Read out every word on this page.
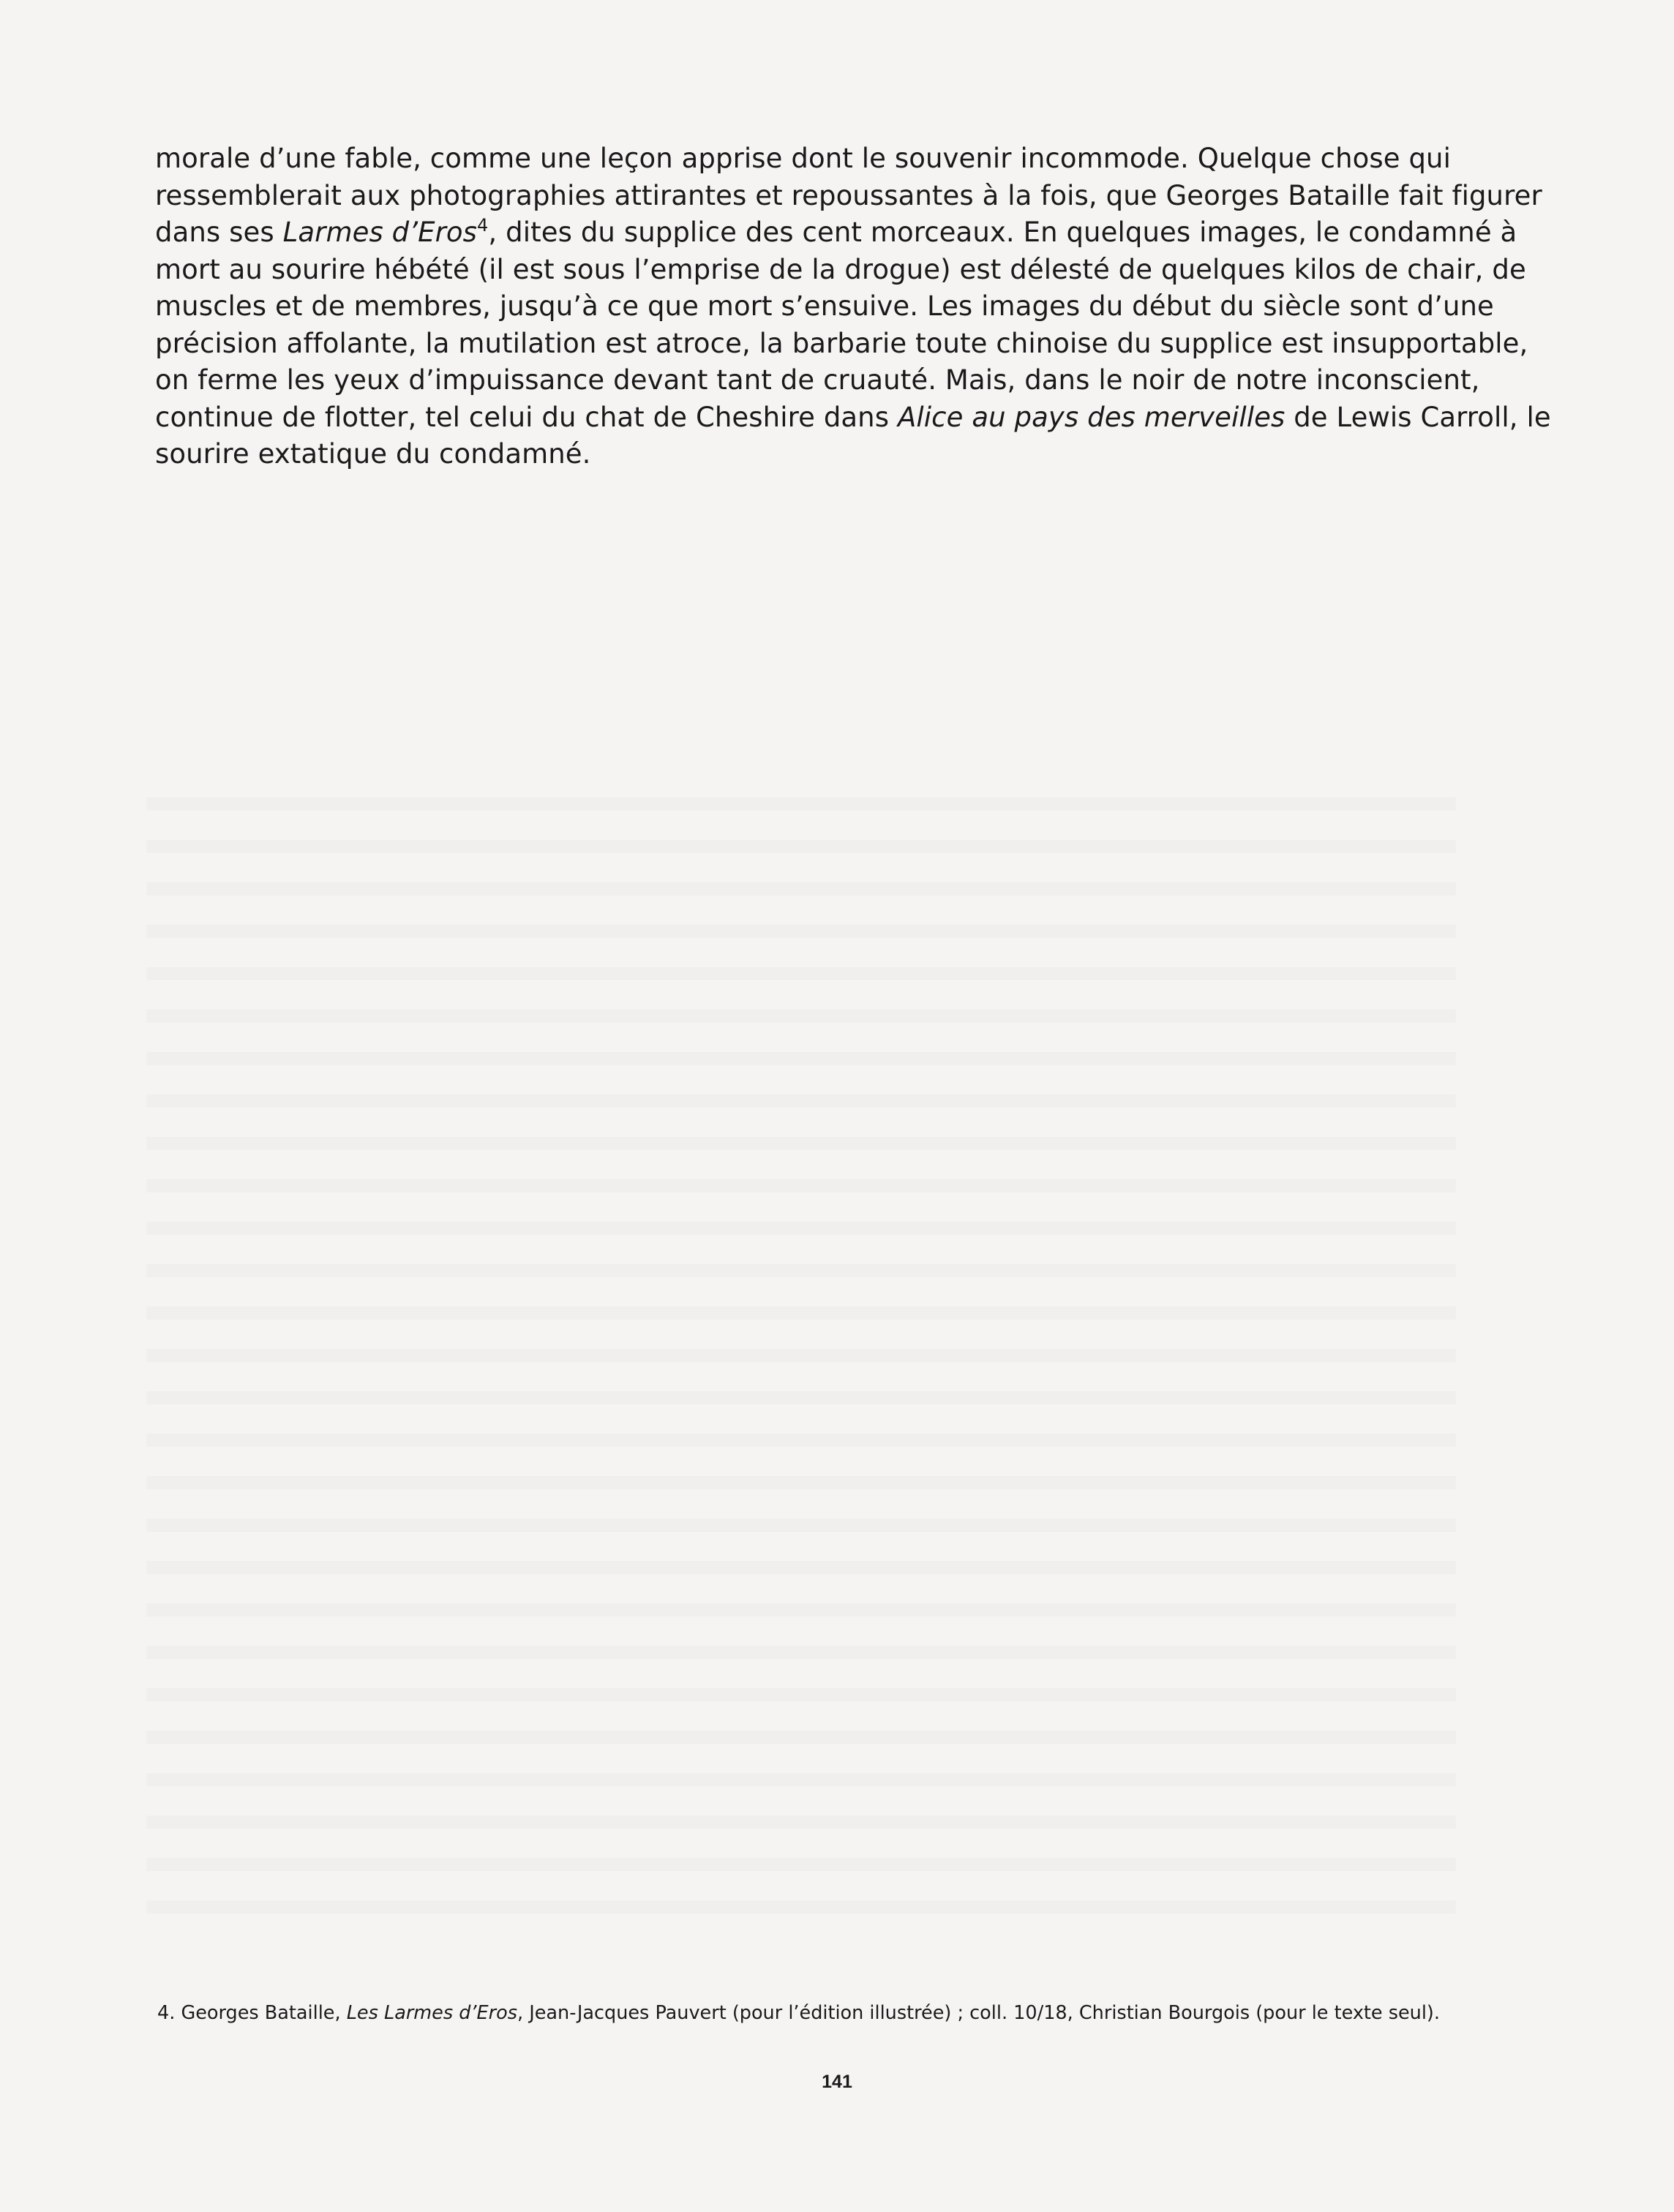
morale d’une fable, comme une leçon apprise dont le souvenir incommode. Quelque chose qui
ressemblerait aux photographies attirantes et repoussantes à la fois, que Georges Bataille fait figurer
dans ses Larmes d’Eros$^4$, dites du supplice des cent morceaux. En quelques images, le condamné à
mort au sourire hébété (il est sous l’emprise de la drogue) est délesté de quelques kilos de chair, de
muscles et de membres, jusqu’à ce que mort s’ensuive. Les images du début du siècle sont d’une
précision affolante, la mutilation est atroce, la barbarie toute chinoise du supplice est insupportable,
on ferme les yeux d’impuissance devant tant de cruauté. Mais, dans le noir de notre inconscient,
continue de flotter, tel celui du chat de Cheshire dans Alice au pays des merveilles de Lewis Carroll, le
sourire extatique du condamné.
4. Georges Bataille, Les Larmes d’Eros, Jean-Jacques Pauvert (pour l’édition illustrée) ; coll. 10/18, Christian Bourgois (pour le texte seul).
141
